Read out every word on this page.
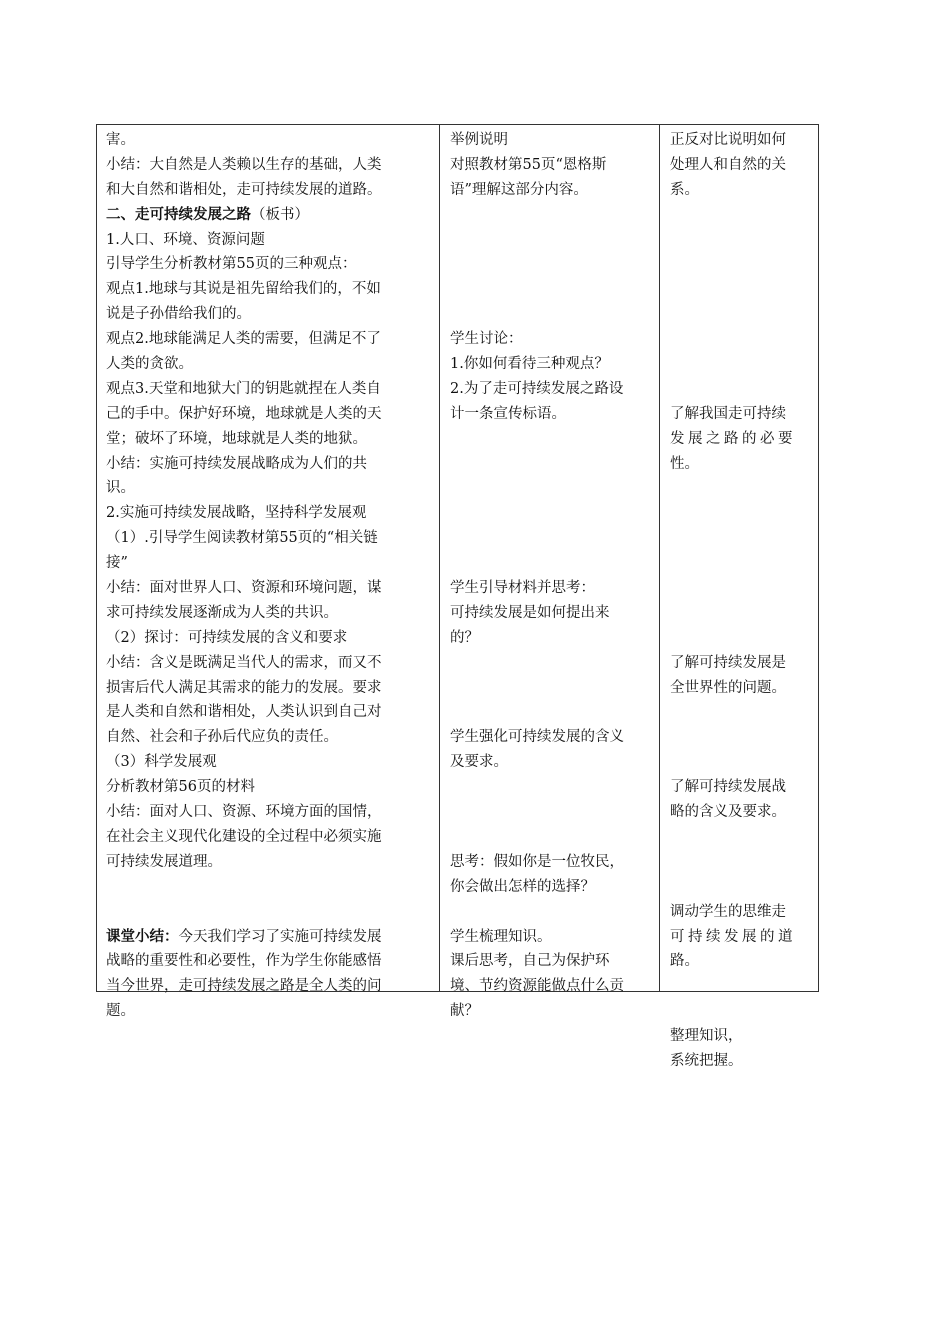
害。
小结：大自然是人类赖以生存的基础，人类
和大自然和谐相处，走可持续发展的道路。
二、走可持续发展之路（板书）
1.人口、环境、资源问题
引导学生分析教材第55页的三种观点：
观点1.地球与其说是祖先留给我们的，不如
说是子孙借给我们的。
观点2.地球能满足人类的需要，但满足不了
人类的贪欲。
观点3.天堂和地狱大门的钥匙就捏在人类自
己的手中。保护好环境，地球就是人类的天
堂；破坏了环境，地球就是人类的地狱。
小结：实施可持续发展战略成为人们的共
识。
2.实施可持续发展战略，坚持科学发展观
（1）.引导学生阅读教材第55页的“相关链
接”
小结：面对世界人口、资源和环境问题，谋
求可持续发展逐渐成为人类的共识。
（2）探讨：可持续发展的含义和要求
小结：含义是既满足当代人的需求，而又不
损害后代人满足其需求的能力的发展。要求
是人类和自然和谐相处，人类认识到自己对
自然、社会和子孙后代应负的责任。
（3）科学发展观
分析教材第56页的材料
小结：面对人口、资源、环境方面的国情，
在社会主义现代化建设的全过程中必须实施
可持续发展道理。
课堂小结：今天我们学习了实施可持续发展
战略的重要性和必要性，作为学生你能感悟
当今世界，走可持续发展之路是全人类的问
题。
举例说明
对照教材第55页“恩格斯
语”理解这部分内容。
学生讨论：
1.你如何看待三种观点？
2.为了走可持续发展之路设
计一条宣传标语。
学生引导材料并思考：
可持续发展是如何提出来
的？
学生强化可持续发展的含义
及要求。
思考：假如你是一位牧民，
你会做出怎样的选择？
学生梳理知识。
课后思考，自己为保护环
境、节约资源能做点什么贡
献？
正反对比说明如何
处理人和自然的关
系。
了解我国走可持续
发展之路的必要
性。
了解可持续发展是
全世界性的问题。
了解可持续发展战
略的含义及要求。
调动学生的思维走
可持续发展的道
路。
整理知识，
系统把握。
